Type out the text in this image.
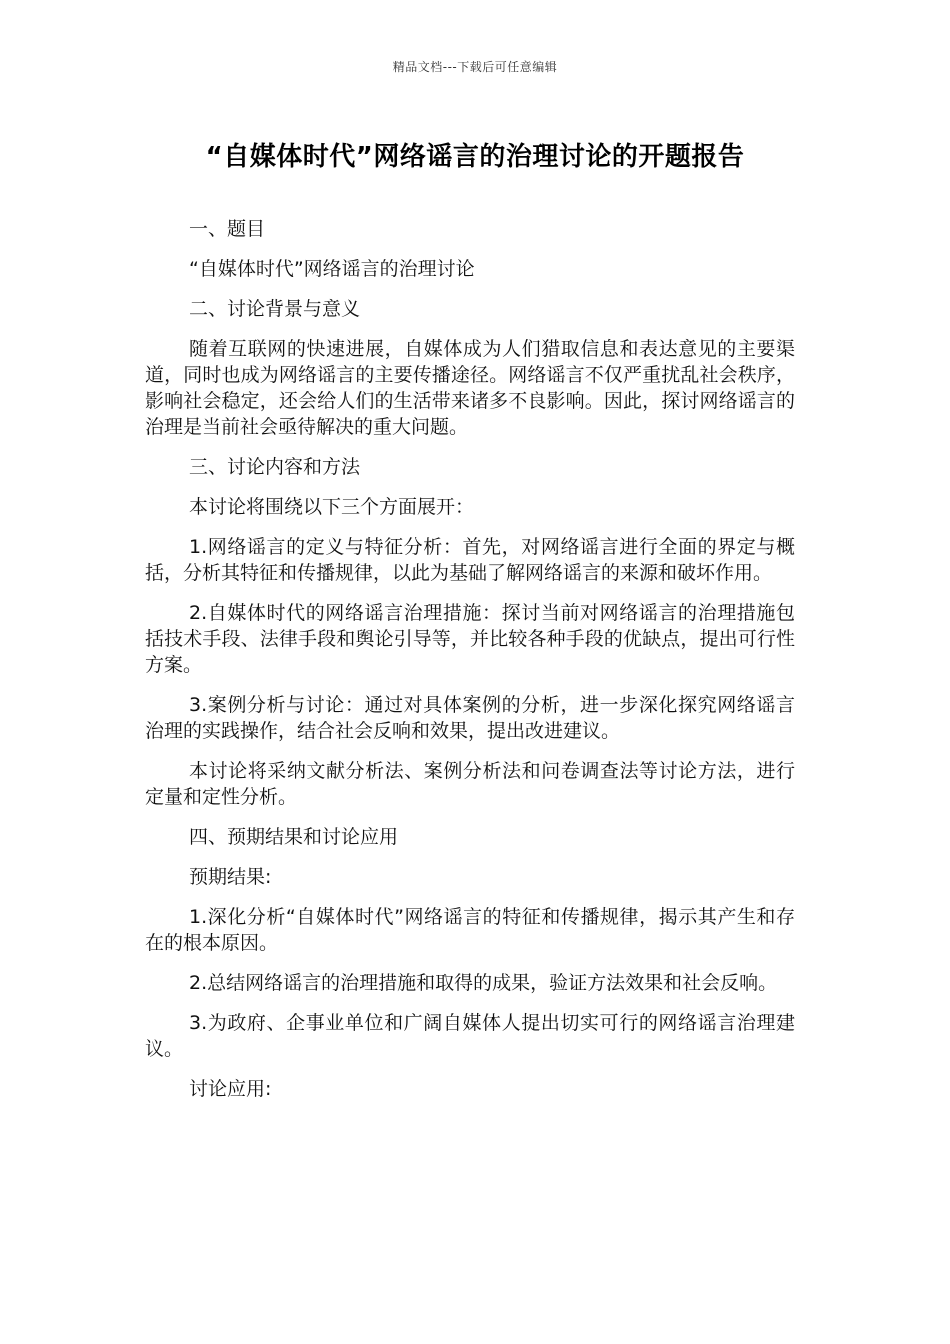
精品文档---下载后可任意编辑
“自媒体时代”网络谣言的治理讨论的开题报告

一、题目

“自媒体时代”网络谣言的治理讨论

二、讨论背景与意义

随着互联网的快速进展，自媒体成为人们猎取信息和表达意见的主要渠道，同时也成为网络谣言的主要传播途径。网络谣言不仅严重扰乱社会秩序，影响社会稳定，还会给人们的生活带来诸多不良影响。因此，探讨网络谣言的治理是当前社会亟待解决的重大问题。

三、讨论内容和方法

本讨论将围绕以下三个方面展开：

1.网络谣言的定义与特征分析：首先，对网络谣言进行全面的界定与概括，分析其特征和传播规律，以此为基础了解网络谣言的来源和破坏作用。

2.自媒体时代的网络谣言治理措施：探讨当前对网络谣言的治理措施包括技术手段、法律手段和舆论引导等，并比较各种手段的优缺点，提出可行性方案。

3.案例分析与讨论：通过对具体案例的分析，进一步深化探究网络谣言治理的实践操作，结合社会反响和效果，提出改进建议。

本讨论将采纳文献分析法、案例分析法和问卷调查法等讨论方法，进行定量和定性分析。

四、预期结果和讨论应用

预期结果:

1.深化分析“自媒体时代”网络谣言的特征和传播规律，揭示其产生和存在的根本原因。

2.总结网络谣言的治理措施和取得的成果，验证方法效果和社会反响。

3.为政府、企事业单位和广阔自媒体人提出切实可行的网络谣言治理建议。

讨论应用:
